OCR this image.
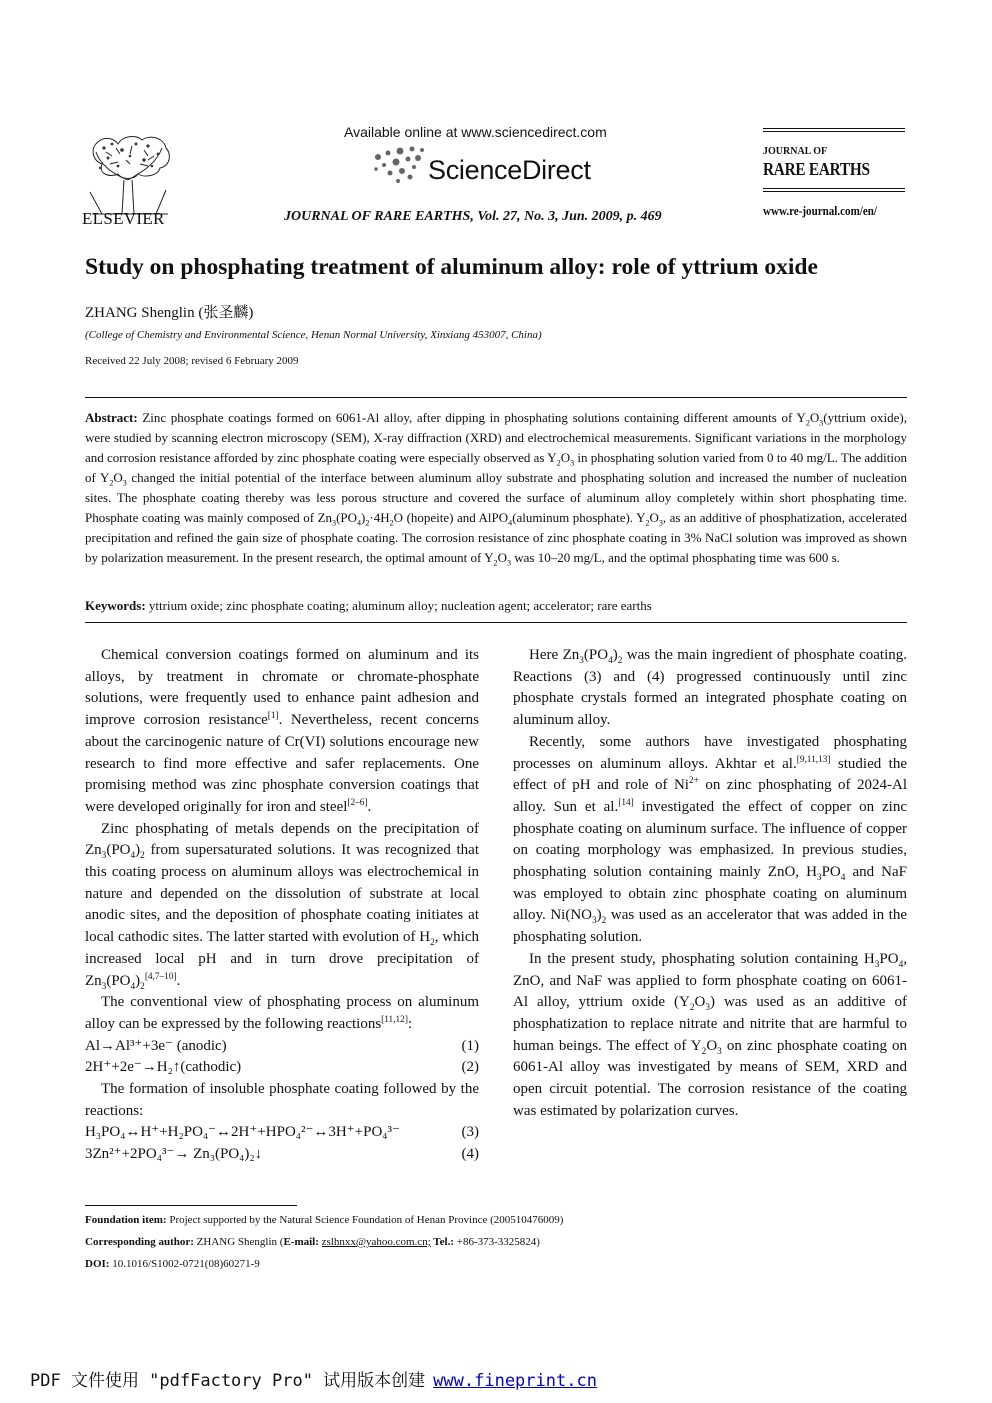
ELSEVIER
Available online at www.sciencedirect.com
ScienceDirect
JOURNAL OF RARE EARTHS, Vol. 27, No. 3, Jun. 2009, p. 469
JOURNAL OF
RARE EARTHS
www.re-journal.com/en/
Study on phosphating treatment of aluminum alloy: role of yttrium oxide
ZHANG Shenglin (张圣麟)
(College of Chemistry and Environmental Science, Henan Normal University, Xinxiang 453007, China)
Received 22 July 2008; revised 6 February 2009
Abstract: Zinc phosphate coatings formed on 6061-Al alloy, after dipping in phosphating solutions containing different amounts of $Y_2O_3(yttrium$ oxide), were studied by scanning electron microscopy (SEM), X-ray diffraction (XRD) and electrochemical measurements. Significant variations in the morphology and corrosion resistance afforded by zinc phosphate coating were especially observed as $Y_2O_3$ in phosphating solution varied from 0 to 40 mg/L. The addition of $Y_2O_3$ changed the initial potential of the interface between aluminum alloy substrate and phosphating solution and increased the number of nucleation sites. The phosphate coating thereby was less porous structure and covered the surface of aluminum alloy completely within short phosphating time. Phosphate coating was mainly composed of $Zn_3(PO_4)_2\cdot 4H_2O$ (hopeite) and AlPO$_4$(aluminum phosphate). $Y_2O_3$, as an additive of phosphatization, accelerated precipitation and refined the gain size of phosphate coating. The corrosion resistance of zinc phosphate coating in 3% NaCl solution was improved as shown by polarization measurement. In the present research, the optimal amount of $Y_2O_3$ was 10–20 mg/L, and the optimal phosphating time was 600 s.
Keywords: yttrium oxide; zinc phosphate coating; aluminum alloy; nucleation agent; accelerator; rare earths

Chemical conversion coatings formed on aluminum and its alloys, by treatment in chromate or chromate-phosphate solutions, were frequently used to enhance paint adhesion and improve corrosion resistance[1]. Nevertheless, recent concerns about the carcinogenic nature of Cr(VI) solutions encourage new research to find more effective and safer replacements. One promising method was zinc phosphate conversion coatings that were developed originally for iron and steel[2–6].

Zinc phosphating of metals depends on the precipitation of $Zn_3(PO_4)_2$ from supersaturated solutions. It was recognized that this coating process on aluminum alloys was electrochemical in nature and depended on the dissolution of substrate at local anodic sites, and the deposition of phosphate coating initiates at local cathodic sites. The latter started with evolution of $H_2$, which increased local pH and in turn drove precipitation of $Zn_3(PO_4)_2[4,7-10]$.

The conventional view of phosphating process on aluminum alloy can be expressed by the following reactions[11,12]:

Al→Al³⁺+3e⁻ (anodic)	(1)

2H⁺+2e⁻→H₂↑(cathodic)	(2)

The formation of insoluble phosphate coating followed by the reactions:

H₃PO₄↔H⁺+H₂PO₄⁻↔2H⁺+HPO₄²⁻↔3H⁺+PO₄³⁻	(3)

3Zn²⁺+2PO₄³⁻→ Zn₃(PO₄)₂↓	(4)

Here $Zn_3(PO_4)_2$ was the main ingredient of phosphate coating. Reactions (3) and (4) progressed continuously until zinc phosphate crystals formed an integrated phosphate coating on aluminum alloy.

Recently, some authors have investigated phosphating processes on aluminum alloys. Akhtar et al.[9,11,13] studied the effect of pH and role of $Ni^{2+}$ on zinc phosphating of 2024-Al alloy. Sun et al.[14] investigated the effect of copper on zinc phosphate coating on aluminum surface. The influence of copper on coating morphology was emphasized. In previous studies, phosphating solution containing mainly ZnO, $H_3PO_4$ and NaF was employed to obtain zinc phosphate coating on aluminum alloy. $Ni(NO_3)_2$ was used as an accelerator that was added in the phosphating solution.

In the present study, phosphating solution containing $H_3PO_4$, ZnO, and NaF was applied to form phosphate coating on 6061-Al alloy, yttrium oxide $(Y_2O_3)$ was used as an additive of phosphatization to replace nitrate and nitrite that are harmful to human beings. The effect of $Y_2O_3$ on zinc phosphate coating on 6061-Al alloy was investigated by means of SEM, XRD and open circuit potential. The corrosion resistance of the coating was estimated by polarization curves.

Foundation item: Project supported by the Natural Science Foundation of Henan Province (200510476009)
Corresponding author: ZHANG Shenglin (E-mail: zslhnxx@yahoo.com.cn; Tel.: +86-373-3325824)
DOI: 10.1016/S1002-0721(08)60271-9
PDF 文件使用 "pdfFactory Pro" 试用版本创建 www.fineprint.cn
